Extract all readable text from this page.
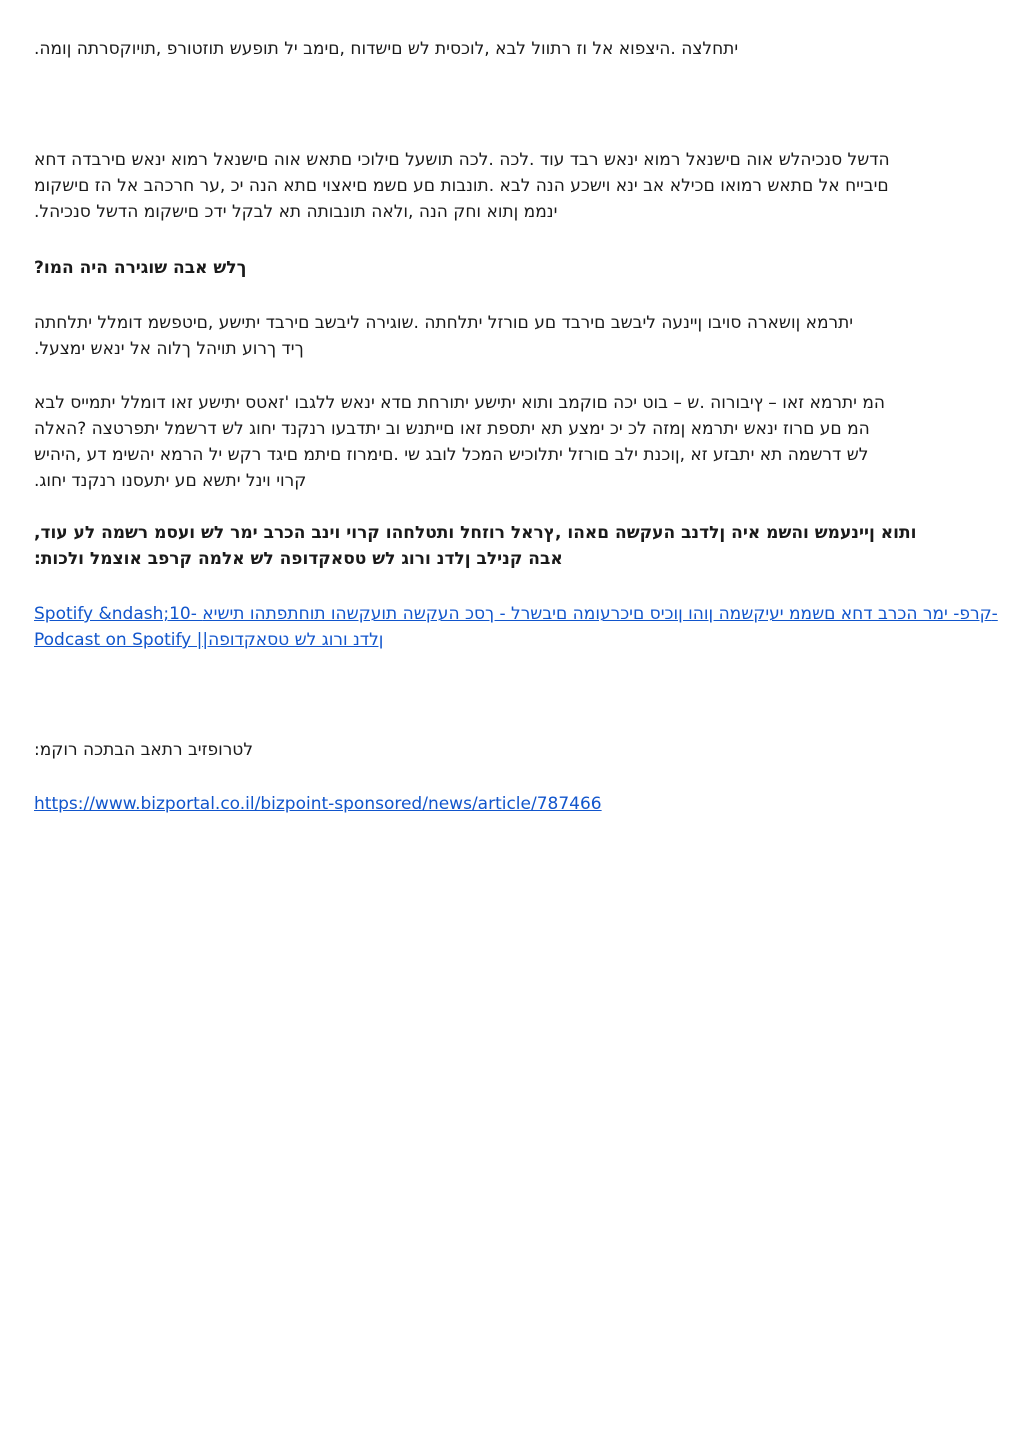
.יתחלצה .היצפוא אל וז רתוול לבא ,לוכסית לש םישדוח ,םימב יל תופעש תוזטורפ ,תויוקסרתה ןומה
הדשל סנכיהלש אוה םישנאל רמוא ינאש רבד עוד .לכה .לכה תושעל םילוכי םתאש אוה םישנאל רמוא ינאש םירבדה דחא
םיבייח אל םתאש רמואו םכילא אב ינא וישכע הנה לבא .תונבות םע םשמ םיאצוי םתא הנה יכ ,ער חרכהב אל הז םישקומ
.ינממ ןתוא וחק הנה ,ולאה תונבותה תא לבקל ידכ םישקומ הדשל סנכיהל
?ךלש אבה שוגירה היה המו
יתרמא ןושארה סויבו ןיינעה ליבשב םירבד םע םורזל יתלחתה .שוגירה ליבשב םירבד יתישע ,םיטפשמ דומלל יתלחתה
.ךיד ךרוע תויהל ךלוה אל ינאש ימצעל
המ יתרמא זאו – ץיבורוה .ש – בוט יכה םוקמב ותוא יתישע יתורחת םדא ינאש ללגבו 'זאטס יתישע זאו דומלל יתמייס לבא
המ םע םרוז ינאש יתרמא ןמזה לכ יכ ימצע תא יתספת זאו םייתנש וב יתדבעו רנקנד יחוג לש דרשמל יתפרטצה ?האלה
לש דרשמה תא יתבזע זא ,ןוכנת ילב םורזל יתלוכיש המכל לובג שי .םימרוז םיתמ םיגד רקש יל הרמא יהשימ דע ,היהיש
.קרוי וינל יתשא םע יתעסנו רנקנד יחוג
,ותוא ןיינעמש והשמ איה ןלדנב העקשה םאהו ,ץראל רוזחל ותטלחהו קרוי וינב הכרב ימר לש ועסמ רשמה לע עוד
:אבה קנילב ןלדנ ורוג לש טסאקדופה לש אלמה קרפב אוצמל ולכות
Spotify &ndash;10- קרפ- ימר הכרב דחא םשממ יעיקשמה ןוהו ןוכיס םיכרעומה םיבשרל - ךסכ העקשה תועקשהו תוחתפתהו תישיא-
Podcast on Spotify ||ןלדנ ורוג לש טסאקדופה
:לטרופזיב רתאב הבתכה רוקמ
https://www.bizportal.co.il/bizpoint-sponsored/news/article/787466
